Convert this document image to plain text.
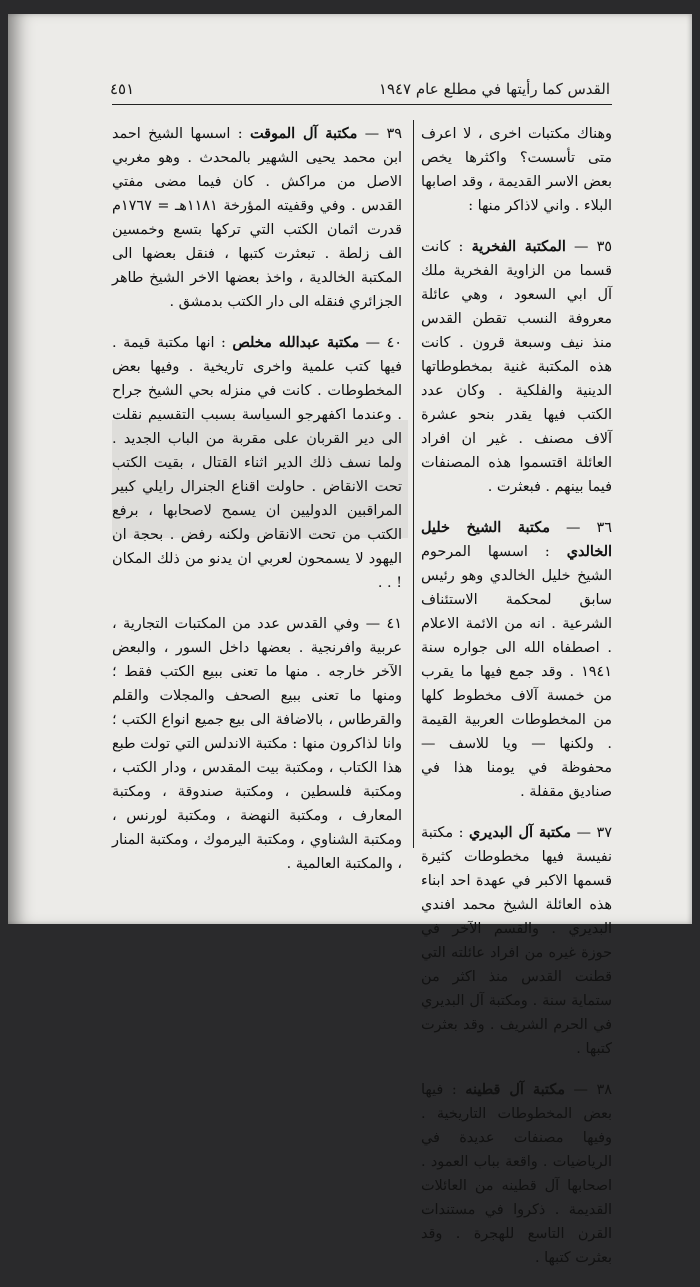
القدس كما رأيتها في مطلع عام ١٩٤٧
٤٥١

وهناك مكتبات اخرى ، لا اعرف متى تأسست؟ واكثرها يخص بعض الاسر القديمة ، وقد اصابها البلاء . واني لاذاكر منها :

٣٥ — المكتبة الفخرية : كانت قسما من الزاوية الفخرية ملك آل ابي السعود ، وهي عائلة معروفة النسب تقطن القدس منذ نيف وسبعة قرون . كانت هذه المكتبة غنية بمخطوطاتها الدينية والفلكية . وكان عدد الكتب فيها يقدر بنحو عشرة آلاف مصنف . غير ان افراد العائلة اقتسموا هذه المصنفات فيما بينهم . فبعثرت .

٣٦ — مكتبة الشيخ خليل الخالدي : اسسها المرحوم الشيخ خليل الخالدي وهو رئيس سابق لمحكمة الاستئناف الشرعية . انه من الائمة الاعلام . اصطفاه الله الى جواره سنة ١٩٤١ . وقد جمع فيها ما يقرب من خمسة آلاف مخطوط كلها من المخطوطات العربية القيمة . ولكنها — ويا للاسف — محفوظة في يومنا هذا في صناديق مقفلة .

٣٧ — مكتبة آل البديري : مكتبة نفيسة فيها مخطوطات كثيرة قسمها الاكبر في عهدة احد ابناء هذه العائلة الشيخ محمد افندي البديري . والقسم الآخر في حوزة غيره من افراد عائلته التي قطنت القدس منذ اكثر من ستماية سنة . ومكتبة آل البديري في الحرم الشريف . وقد بعثرت كتبها .

٣٨ — مكتبة آل قطينه : فيها بعض المخطوطات التاريخية . وفيها مصنفات عديدة في الرياضيات . واقعة بباب العمود . اصحابها آل قطينه من العائلات القديمة . ذكروا في مستندات القرن التاسع للهجرة . وقد بعثرت كتبها .

٣٩ — مكتبة آل الموقت : اسسها الشيخ احمد ابن محمد يحيى الشهير بالمحدث . وهو مغربي الاصل من مراكش . كان فيما مضى مفتي القدس . وفي وقفيته المؤرخة ١١٨١هـ = ١٧٦٧م قدرت اثمان الكتب التي تركها بتسع وخمسين الف زلطة . تبعثرت كتبها ، فنقل بعضها الى المكتبة الخالدية ، واخذ بعضها الاخر الشيخ طاهر الجزائري فنقله الى دار الكتب بدمشق .

٤٠ — مكتبة عبدالله مخلص : انها مكتبة قيمة . فيها كتب علمية واخرى تاريخية . وفيها بعض المخطوطات . كانت في منزله بحي الشيخ جراح . وعندما اكفهرجو السياسة بسبب التقسيم نقلت الى دير القربان على مقربة من الباب الجديد . ولما نسف ذلك الدير اثناء القتال ، بقيت الكتب تحت الانقاض . حاولت اقناع الجنرال رايلي كبير المراقبين الدوليين ان يسمح لاصحابها ، برفع الكتب من تحت الانقاض ولكنه رفض . بحجة ان اليهود لا يسمحون لعربي ان يدنو من ذلك المكان ! . .

٤١ — وفي القدس عدد من المكتبات التجارية ، عربية وافرنجية . بعضها داخل السور ، والبعض الآخر خارجه . منها ما تعنى ببيع الكتب فقط ؛ ومنها ما تعنى ببيع الصحف والمجلات والقلم والقرطاس ، بالاضافة الى بيع جميع انواع الكتب ؛ وانا لذاكرون منها : مكتبة الاندلس التي تولت طبع هذا الكتاب ، ومكتبة بيت المقدس ، ودار الكتب ، ومكتبة فلسطين ، ومكتبة صندوقة ، ومكتبة المعارف ، ومكتبة النهضة ، ومكتبة لورنس ، ومكتبة الشناوي ، ومكتبة اليرموك ، ومكتبة المنار ، والمكتبة العالمية .
